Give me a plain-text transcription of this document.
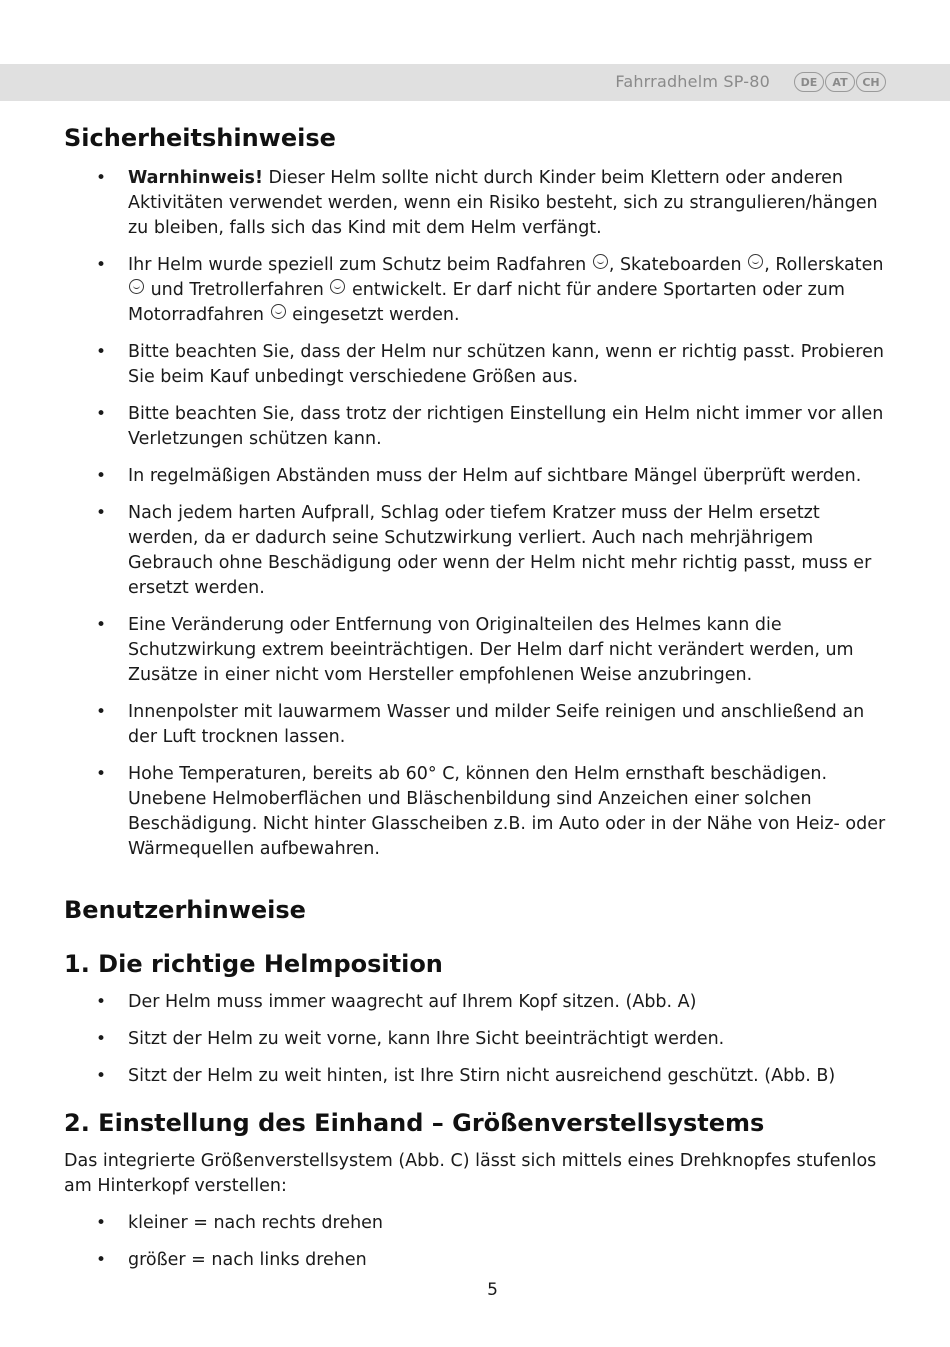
Fahrradhelm SP-80	DE	AT	CH
Sicherheitshinweise
• Warnhinweis! Dieser Helm sollte nicht durch Kinder beim Klettern oder anderen Aktivitäten verwendet werden, wenn ein Risiko besteht, sich zu strangulieren/hängen zu bleiben, falls sich das Kind mit dem Helm verfängt.
• Ihr Helm wurde speziell zum Schutz beim Radfahren , Skateboarden , Rollerskaten  und Tretrollerfahren  entwickelt. Er darf nicht für andere Sportarten oder zum Motorradfahren  eingesetzt werden.
• Bitte beachten Sie, dass der Helm nur schützen kann, wenn er richtig passt. Probieren Sie beim Kauf unbedingt verschiedene Größen aus.
• Bitte beachten Sie, dass trotz der richtigen Einstellung ein Helm nicht immer vor allen Verletzungen schützen kann.
• In regelmäßigen Abständen muss der Helm auf sichtbare Mängel überprüft werden.
• Nach jedem harten Aufprall, Schlag oder tiefem Kratzer muss der Helm ersetzt werden, da er dadurch seine Schutzwirkung verliert. Auch nach mehrjährigem Gebrauch ohne Beschädigung oder wenn der Helm nicht mehr richtig passt, muss er ersetzt werden.
• Eine Veränderung oder Entfernung von Originalteilen des Helmes kann die Schutzwirkung extrem beeinträchtigen. Der Helm darf nicht verändert werden, um Zusätze in einer nicht vom Hersteller empfohlenen Weise anzubringen.
• Innenpolster mit lauwarmem Wasser und milder Seife reinigen und anschließend an der Luft trocknen lassen.
• Hohe Temperaturen, bereits ab 60° C, können den Helm ernsthaft beschädigen. Unebene Helmoberflächen und Bläschenbildung sind Anzeichen einer solchen Beschädigung. Nicht hinter Glasscheiben z.B. im Auto oder in der Nähe von Heiz- oder Wärmequellen aufbewahren.
Benutzerhinweise
1. Die richtige Helmposition
• Der Helm muss immer waagrecht auf Ihrem Kopf sitzen. (Abb. A)
• Sitzt der Helm zu weit vorne, kann Ihre Sicht beeinträchtigt werden.
• Sitzt der Helm zu weit hinten, ist Ihre Stirn nicht ausreichend geschützt. (Abb. B)
2. Einstellung des Einhand – Größenverstellsystems

Das integrierte Größenverstellsystem (Abb. C) lässt sich mittels eines Drehknopfes stufenlos am Hinterkopf verstellen:

• kleiner = nach rechts drehen
• größer = nach links drehen
5
